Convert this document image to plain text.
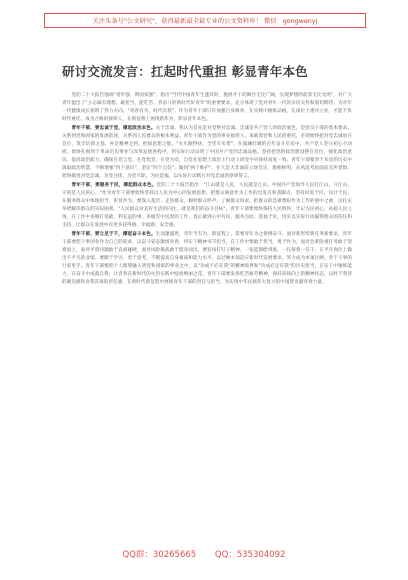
关注头条号"公文研究"，获得最新最全最专业的公文资料库！ 微信：gongwenyj
研讨交流发言：扛起时代重担 彰显青年本色

党的二十大报告强调"青年强，则国家强"，指出"当代中国青年生逢其时，施展才干的舞台无比广阔，实现梦想的前景无比光明"，对广大青年提出了"立志做有理想、敢担当、能吃苦、肯奋斗的新时代好青年"的重要要求，充分体现了党对青年一代的亲切关怀和殷切期待。为青年一代健康成长指明了努力方向。"青春有为，时代有我"。作为青年干部只有加强自身修养，在实践中锤炼品格，在岗位上建功立业，才能不负时代重托，成为合格的接班人，在新征程上展现新作为，彰显青年本色。

青年干部，要忠诚于党，撑起政治本色。关于忠诚，我认为首先是对党绝对忠诚。忠诚是共产党人的政治底色，是党员干部的基本要求。关系到党和国家的发展前途，关系到人民群众的根本利益。青年干部作为党的事业接班人，承载着党和人民的重托，必须始终把对党忠诚放在首位，筑牢信仰之基、补足精神之钙、把稳思想之舵。"火车跑得快，全凭车头带"。在波澜壮阔的百年奋斗历史中，共产党人坚守初心不动摇。始终扎根到于革命历史事业与改革发展进程中，用实际行动证明了中国共产党的忠诚品格。坚持把党的政治建设摆在首位，强化政治意识，提高政治能力，确保在党言党、在党忧党、在党为党，自觉在思想上政治上行动上同党中央保持高度一致。青年干部要善于从党的历史中汲取政治智慧，不断增强"四个意识"、坚定"四个自信"、做到"两个维护"，在大是大非面前立场坚定、旗帜鲜明，在风浪考验面前无所畏惧，始终做到对党忠诚、为党分忧、为党尽职、为民造福，以实际行动践行对党忠诚的铮铮誓言。

青年干部，要服务于民，撑起群众本色。党的二十大报告指出："江山就是人民，人民就是江山。中国共产党领导人民打江山、守江山，守的是人民的心。"作为青年干部要始终坚持以人民为中心的发展思想，把群众满意作为工作的出发点和落脚点，坚持问需于民、问计于民，在服务群众中体现担当、彰显作为。要深入基层、走进群众，倾听群众呼声、了解群众诉求，把群众的急难愁盼作为工作的重中之重，以扎实举措解决群众的实际困难。"人民群众对美好生活的向往，就是我们的奋斗目标"。青年干部要始终保持人民情怀，牢记为民初心，站稳人民立场，在工作中多做打基础、利长远的事，多做雪中送炭的工作，真正做到心中有民、服务为民、造福于民，切实以实际行动赢得群众的信任和支持，让群众在发展中有更多获得感、幸福感、安全感。

青年干部，要立足于干，撑起奋斗本色。生而逢盛世，青年当有为。新征程上，需要青年为之拼搏奋斗。面对新形势新任务新要求，青年干部要把干事创业作为自己的追求，以奋斗姿态激扬青春，用实干精神书写担当。在工作中要敢于担当、勇于作为，面对急难险重任务敢于迎难而上，面对矛盾问题敢于直面碰硬，面对风险挑战敢于挺身而出。要发扬钉钉子精神，一张蓝图绘到底，一任接着一任干，在平凡岗位上做出不平凡的业绩。要勤于学习、善于思考，不断提高自身素质和能力水平，以过硬本领适应新时代发展要求，努力成为本领过硬、善于干事的行家里手。青年干部要把个人理想融入到党和国家的事业之中，以"功成不必在我"的精神境界和"功成必定有我"的历史担当，在实干中锤炼能力，在奋斗中成就自我，让青春在新时代的火热实践中绽放绚丽之花，青年干部要发扬吃苦耐劳精神，保持昂扬向上的精神状态，以时不我待的紧迫感和舍我其谁的责任感，在新时代新征程中展现青年干部的责任与担当，为实现中华民族伟大复兴的中国梦贡献青春力量。

QQ群：30265665 QQ：535304092
